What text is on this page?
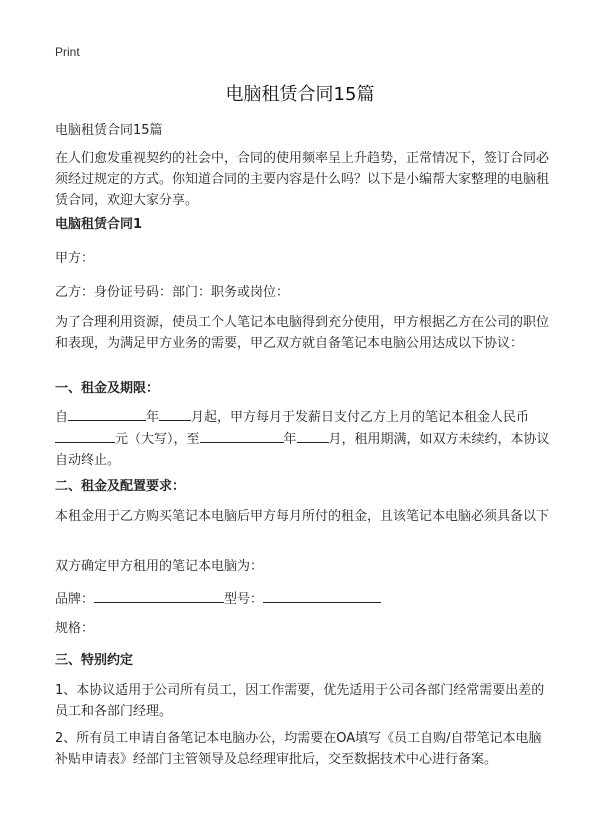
Print
电脑租赁合同15篇
电脑租赁合同15篇
在人们愈发重视契约的社会中，合同的使用频率呈上升趋势，正常情况下，签订合同必须经过规定的方式。你知道合同的主要内容是什么吗？以下是小编帮大家整理的电脑租赁合同，欢迎大家分享。
电脑租赁合同1
甲方：
乙方：身份证号码：部门：职务或岗位：
为了合理利用资源，使员工个人笔记本电脑得到充分使用，甲方根据乙方在公司的职位和表现，为满足甲方业务的需要，甲乙双方就自备笔记本电脑公用达成以下协议：
一、租金及期限：
自	年 月起，甲方每月于发薪日支付乙方上月的笔记本租金人民币元（大写），至	年 月，租用期满，如双方未续约，本协议自动终止。
二、租金及配置要求：
本租金用于乙方购买笔记本电脑后甲方每月所付的租金，且该笔记本电脑必须具备以下
双方确定甲方租用的笔记本电脑为：
品牌：	型号：
规格：
三、特别约定
1、本协议适用于公司所有员工，因工作需要，优先适用于公司各部门经常需要出差的员工和各部门经理。
2、所有员工申请自备笔记本电脑办公，均需要在OA填写《员工自购/自带笔记本电脑补贴申请表》经部门主管领导及总经理审批后，交至数据技术中心进行备案。
